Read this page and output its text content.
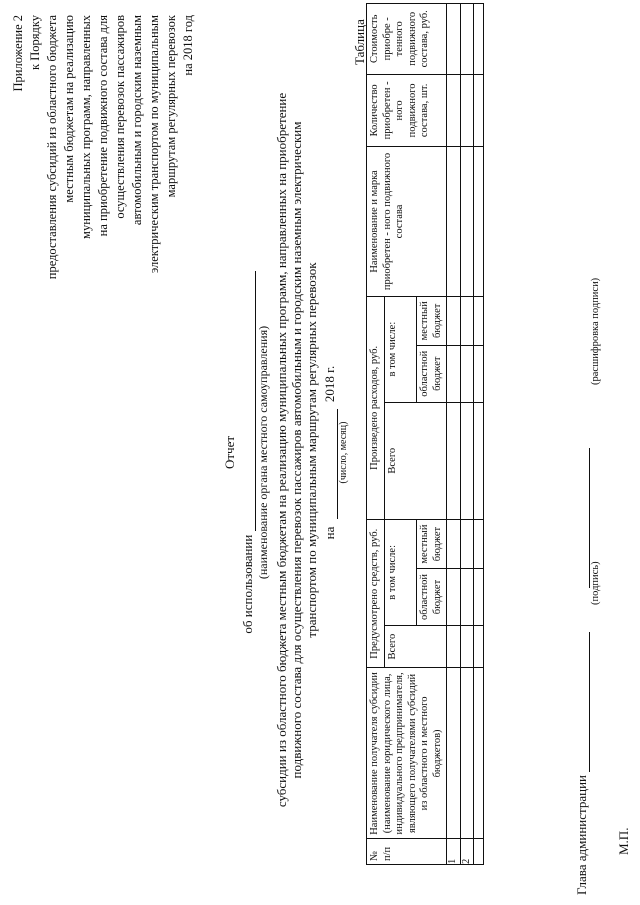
Приложение 2 к Порядку предоставления субсидий из областного бюджета местным бюджетам на реализацию муниципальных программ, направленных на приобретение подвижного состава для осуществления перевозок пассажиров автомобильным и городским наземным электрическим транспортом по муниципальным маршрутам регулярных перевозок на 2018 год
Отчет
об использовании
(наименование органа местного самоуправления) субсидии из областного бюджета местным бюджетам на реализацию муниципальных программ, направленных на приобретение подвижного состава для осуществления перевозок пассажиров автомобильным и городским наземным электрическим транспортом по муниципальным маршрутам регулярных перевозок на  2018 г.
(число, месяц)
Таблица
№ п/п	Наименование получателя субсидии (наименование юридического лица, индивидуального предпринимателя, являющего получателями субсидий из областного и местного бюджетов)	Предусмотрено средств, руб.			Произведено расходов, руб.			Наименование и марка приобретен - ного подвижного состава	Количество приобретен - ного подвижного состава, шт.	Стоимость приобре - тенного подвижного состава, руб.
		Всего	в том числе:		Всего	в том числе:				
			областной бюджет	местный бюджет		областной бюджет	местный бюджет			
1										
2										
											Глава администрации
(подпись)
(расшифровка подписи)
М.П.
